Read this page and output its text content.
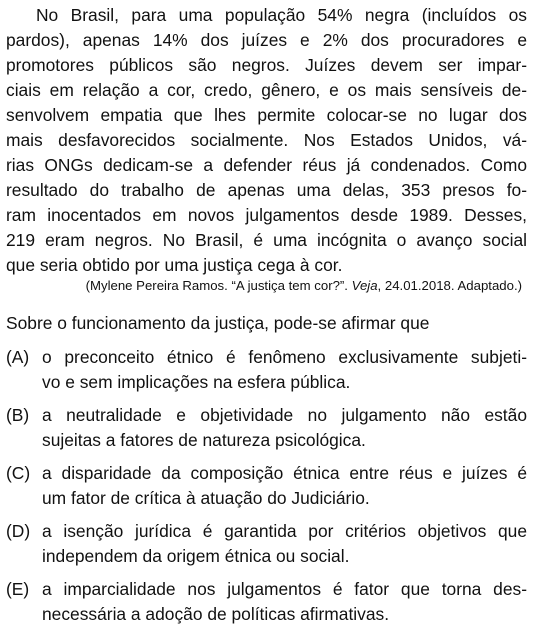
No Brasil, para uma população 54% negra (incluídos os
pardos), apenas 14% dos juízes e 2% dos procuradores e
promotores públicos são negros. Juízes devem ser impar-
ciais em relação a cor, credo, gênero, e os mais sensíveis de-
senvolvem empatia que lhes permite colocar-se no lugar dos
mais desfavorecidos socialmente. Nos Estados Unidos, vá-
rias ONGs dedicam-se a defender réus já condenados. Como
resultado do trabalho de apenas uma delas, 353 presos fo-
ram inocentados em novos julgamentos desde 1989. Desses,
219 eram negros. No Brasil, é uma incógnita o avanço social
que seria obtido por uma justiça cega à cor.
(Mylene Pereira Ramos. “A justiça tem cor?”. Veja, 24.01.2018. Adaptado.)
Sobre o funcionamento da justiça, pode-se afirmar que
(A) o preconceito étnico é fenômeno exclusivamente subjeti-
vo e sem implicações na esfera pública.
(B) a neutralidade e objetividade no julgamento não estão
sujeitas a fatores de natureza psicológica.
(C) a disparidade da composição étnica entre réus e juízes é
um fator de crítica à atuação do Judiciário.
(D) a isenção jurídica é garantida por critérios objetivos que
independem da origem étnica ou social.
(E) a imparcialidade nos julgamentos é fator que torna des-
necessária a adoção de políticas afirmativas.
